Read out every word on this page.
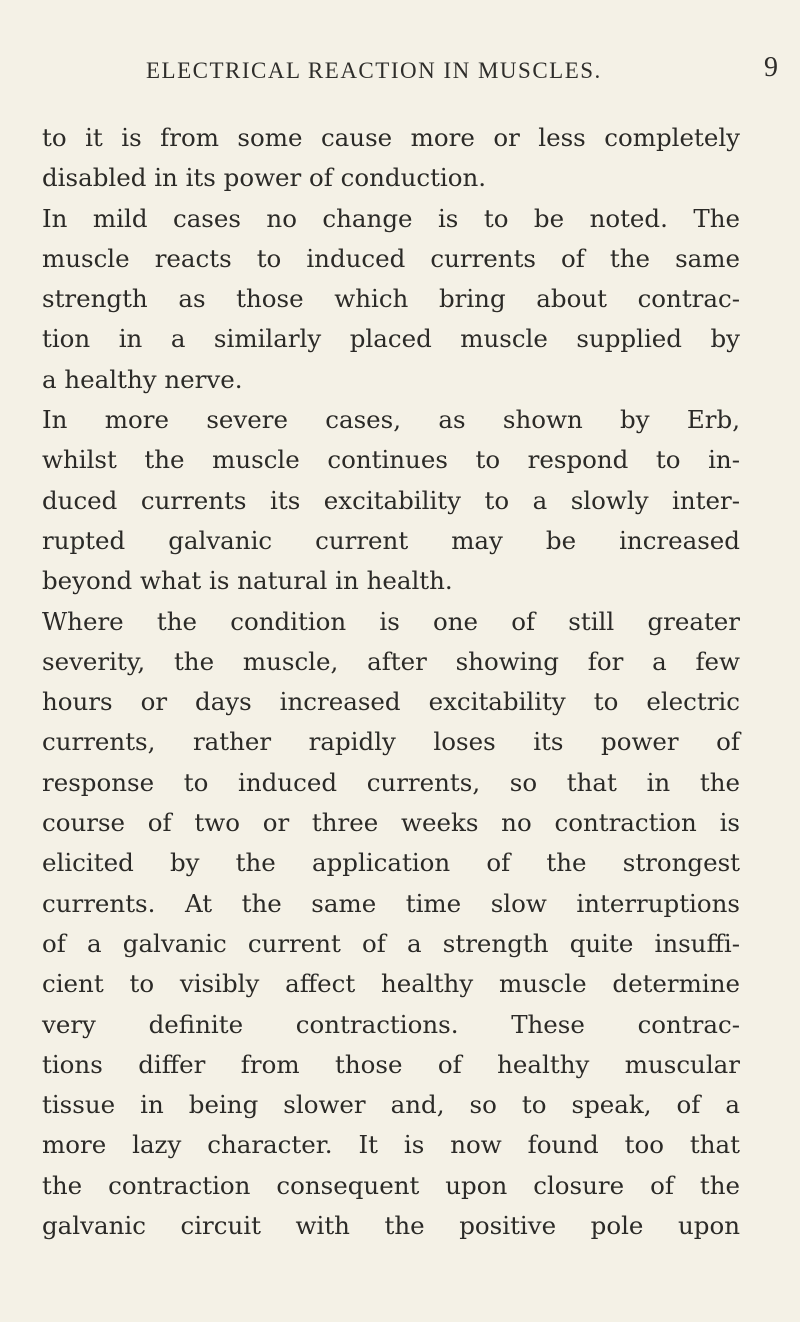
ELECTRICAL REACTION IN MUSCLES.	9
to it is from some cause more or less completely
disabled in its power of conduction.
In mild cases no change is to be noted. The
muscle reacts to induced currents of the same
strength as those which bring about contrac-
tion in a similarly placed muscle supplied by
a healthy nerve.
In more severe cases, as shown by Erb,
whilst the muscle continues to respond to in-
duced currents its excitability to a slowly inter-
rupted galvanic current may be increased
beyond what is natural in health.
Where the condition is one of still greater
severity, the muscle, after showing for a few
hours or days increased excitability to electric
currents, rather rapidly loses its power of
response to induced currents, so that in the
course of two or three weeks no contraction is
elicited by the application of the strongest
currents. At the same time slow interruptions
of a galvanic current of a strength quite insuffi-
cient to visibly affect healthy muscle determine
very definite contractions. These contrac-
tions differ from those of healthy muscular
tissue in being slower and, so to speak, of a
more lazy character. It is now found too that
the contraction consequent upon closure of the
galvanic circuit with the positive pole upon
